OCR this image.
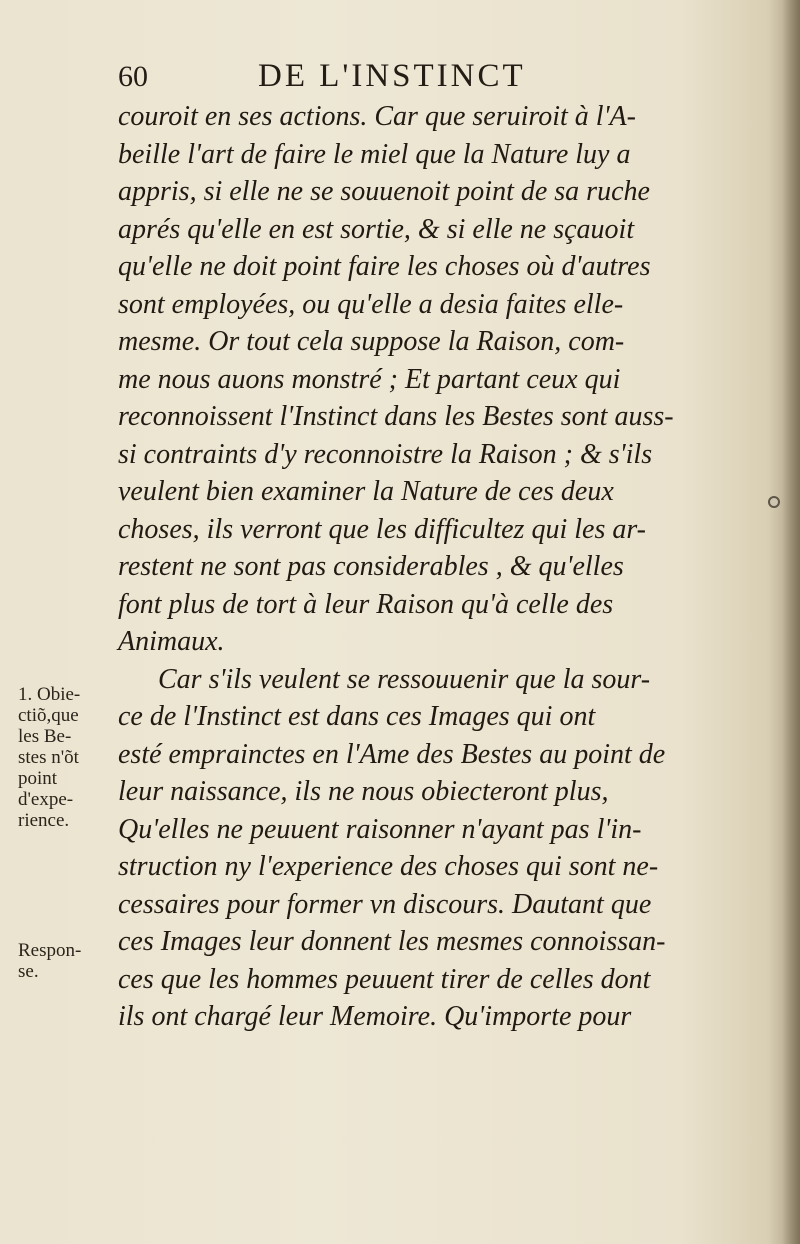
60	DE L'INSTINCT
couroit en ses actions. Car que seruiroit à l'A-
beille l'art de faire le miel que la Nature luy a
appris, si elle ne se souuenoit point de sa ruche
aprés qu'elle en est sortie, & si elle ne sçauoit
qu'elle ne doit point faire les choses où d'autres
sont employées, ou qu'elle a desia faites elle-
mesme. Or tout cela suppose la Raison, com-
me nous auons monstré ; Et partant ceux qui
reconnoissent l'Instinct dans les Bestes sont auss-
si contraints d'y reconnoistre la Raison ; & s'ils
veulent bien examiner la Nature de ces deux
choses, ils verront que les difficultez qui les ar-
restent ne sont pas considerables , & qu'elles
font plus de tort à leur Raison qu'à celle des
Animaux.
Car s'ils veulent se ressouuenir que la sour-
ce de l'Instinct est dans ces Images qui ont
esté emprainctes en l'Ame des Bestes au point de
leur naissance, ils ne nous obiecteront plus,
Qu'elles ne peuuent raisonner n'ayant pas l'in-
struction ny l'experience des choses qui sont ne-
cessaires pour former vn discours. Dautant que
ces Images leur donnent les mesmes connoissan-
ces que les hommes peuuent tirer de celles dont
ils ont chargé leur Memoire. Qu'importe pour
1. Obie-
ctiõ,que
les Be-
stes n'õt
point
d'expe-
rience.
Respon-
se.
